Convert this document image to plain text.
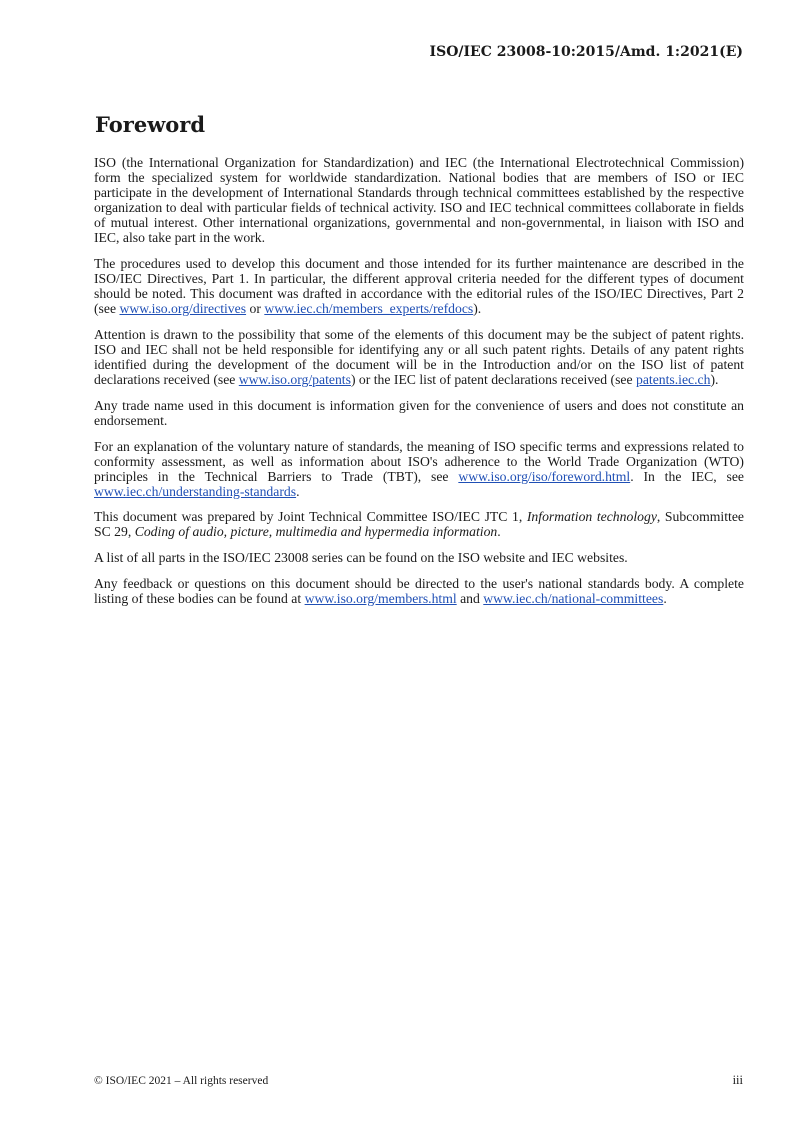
ISO/IEC 23008-10:2015/Amd. 1:2021(E)
Foreword

ISO (the International Organization for Standardization) and IEC (the International Electrotechnical Commission) form the specialized system for worldwide standardization. National bodies that are members of ISO or IEC participate in the development of International Standards through technical committees established by the respective organization to deal with particular fields of technical activity. ISO and IEC technical committees collaborate in fields of mutual interest. Other international organizations, governmental and non-governmental, in liaison with ISO and IEC, also take part in the work.

The procedures used to develop this document and those intended for its further maintenance are described in the ISO/IEC Directives, Part 1. In particular, the different approval criteria needed for the different types of document should be noted. This document was drafted in accordance with the editorial rules of the ISO/IEC Directives, Part 2 (see www.iso.org/directives or www.iec.ch/members_experts/refdocs).

Attention is drawn to the possibility that some of the elements of this document may be the subject of patent rights. ISO and IEC shall not be held responsible for identifying any or all such patent rights. Details of any patent rights identified during the development of the document will be in the Introduction and/or on the ISO list of patent declarations received (see www.iso.org/patents) or the IEC list of patent declarations received (see patents.iec.ch).

Any trade name used in this document is information given for the convenience of users and does not constitute an endorsement.

For an explanation of the voluntary nature of standards, the meaning of ISO specific terms and expressions related to conformity assessment, as well as information about ISO's adherence to the World Trade Organization (WTO) principles in the Technical Barriers to Trade (TBT), see www.iso.org/iso/foreword.html. In the IEC, see www.iec.ch/understanding-standards.

This document was prepared by Joint Technical Committee ISO/IEC JTC 1, Information technology, Subcommittee SC 29, Coding of audio, picture, multimedia and hypermedia information.

A list of all parts in the ISO/IEC 23008 series can be found on the ISO website and IEC websites.

Any feedback or questions on this document should be directed to the user's national standards body. A complete listing of these bodies can be found at www.iso.org/members.html and www.iec.ch/national-committees.

© ISO/IEC 2021 – All rights reserved	iii
